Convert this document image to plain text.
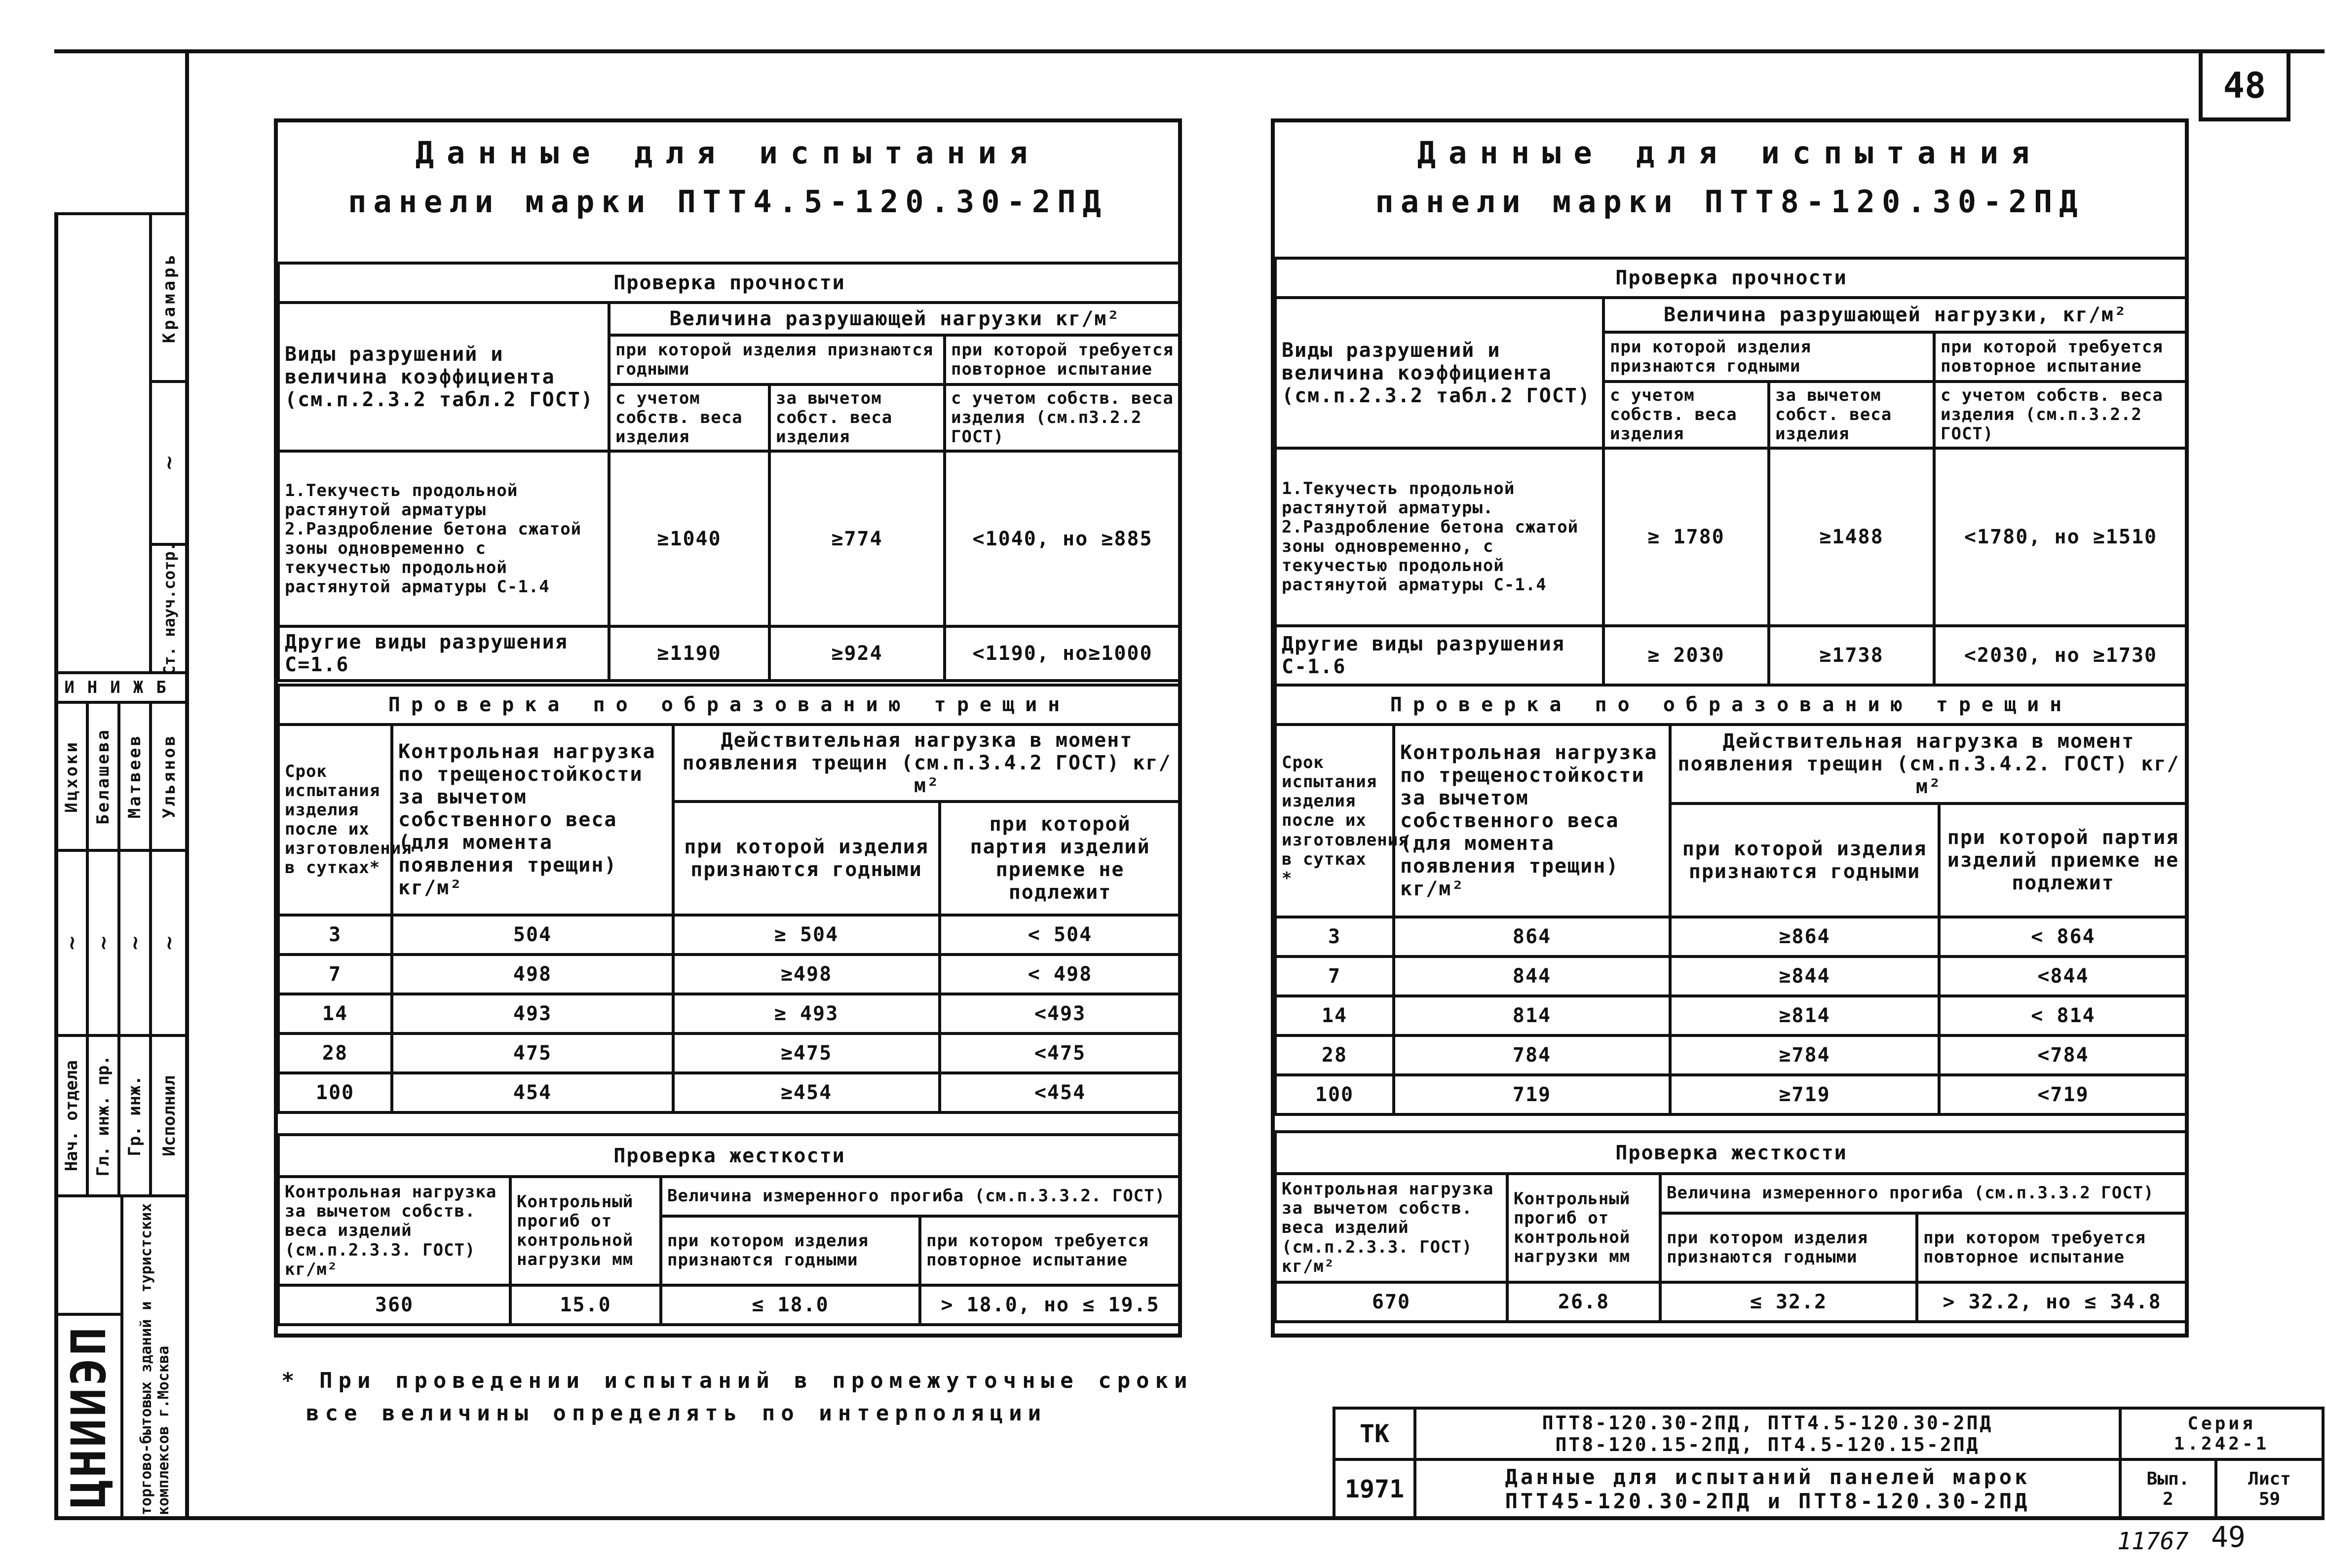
48
Данные для испытания
панели марки ПТТ4.5-120.30-2ПД
Проверка прочности			
Виды разрушений и величина коэффициента (см.п.2.3.2 табл.2 ГОСТ)	Величина разрушающей нагрузки кг/м²		
	при которой изделия признаются годными		при которой требуется повторное испытание
	с учетом собств. веса изделия	за вычетом собст. веса изделия	с учетом собств. веса изделия (см.п3.2.2 ГОСТ)
1.Текучесть продольной растянутой арматуры 2.Раздробление бетона сжатой зоны одновременно с текучестью продольной растянутой арматуры С-1.4	≥1040	≥774	<1040, но ≥885
Другие виды разрушения С=1.6	≥1190	≥924	<1190, но≥1000
Проверка по образованию трещин			
Срок испытания изделия после их изготовления в сутках*	Контрольная нагрузка по трещеностойкости за вычетом собственного веса (для момента появления трещин) кг/м²	Действительная нагрузка в момент появления трещин (см.п.3.4.2 ГОСТ) кг/м²	
		при которой изделия признаются годными	при которой партия изделий приемке не подлежит
3	504	≥ 504	< 504
7	498	≥498	< 498
14	493	≥ 493	<493
28	475	≥475	<475
100	454	≥454	<454
Проверка жесткости			
Контрольная нагрузка за вычетом собств. веса изделий (см.п.2.3.3. ГОСТ) кг/м²	Контрольный прогиб от контрольной нагрузки мм	Величина измеренного прогиба (см.п.3.3.2. ГОСТ)	
		при котором изделия признаются годными	при котором требуется повторное испытание
360	15.0	≤ 18.0	> 18.0, но ≤ 19.5
Данные для испытания
панели марки ПТТ8-120.30-2ПД
Проверка прочности			
Виды разрушений и величина коэффициента (см.п.2.3.2 табл.2 ГОСТ)	Величина разрушающей нагрузки, кг/м²		
	при которой изделия признаются годными		при которой требуется повторное испытание
	с учетом собств. веса изделия	за вычетом собст. веса изделия	с учетом собств. веса изделия (см.п.3.2.2 ГОСТ)
1.Текучесть продольной растянутой арматуры. 2.Раздробление бетона сжатой зоны одновременно, с текучестью продольной растянутой арматуры С-1.4	≥ 1780	≥1488	<1780, но ≥1510
Другие виды разрушения С-1.6	≥ 2030	≥1738	<2030, но ≥1730
Проверка по образованию трещин			
Срок испытания изделия после их изготовления в сутках *	Контрольная нагрузка по трещеностойкости за вычетом собственного веса (для момента появления трещин) кг/м²	Действительная нагрузка в момент появления трещин (см.п.3.4.2. ГОСТ) кг/м²	
		при которой изделия признаются годными	при которой партия изделий приемке не подлежит
3	864	≥864	< 864
7	844	≥844	<844
14	814	≥814	< 814
28	784	≥784	<784
100	719	≥719	<719
Проверка жесткости			
Контрольная нагрузка за вычетом собств. веса изделий (см.п.2.3.3. ГОСТ) кг/м²	Контрольный прогиб от контрольной нагрузки мм	Величина измеренного прогиба (см.п.3.3.2 ГОСТ)	
		при котором изделия признаются годными	при котором требуется повторное испытание
670	26.8	≤ 32.2	> 32.2, но ≤ 34.8
* При проведении испытаний в промежуточные сроки
все величины определять по интерполяции
ТК
1971
ПТТ8-120.30-2ПД, ПТТ4.5-120.30-2ПД
ПТ8-120.15-2ПД, ПТ4.5-120.15-2ПД
Данные для испытаний панелей марок
ПТТ45-120.30-2ПД и ПТТ8-120.30-2ПД
Серия
1.242-1
Вып.
2
Лист
59
11767 49
ЦНИИЭП торгово-бытовых зданий и туристских комплексов г.Москва
Нач. отдела Гл. инж. пр. Гр. инж. Исполнил
~ ~ ~ ~
Ицхоки Белашева Матвеев Ульянов
ИНИЖБ
Ст. науч.сотр.
~
Крамарь
